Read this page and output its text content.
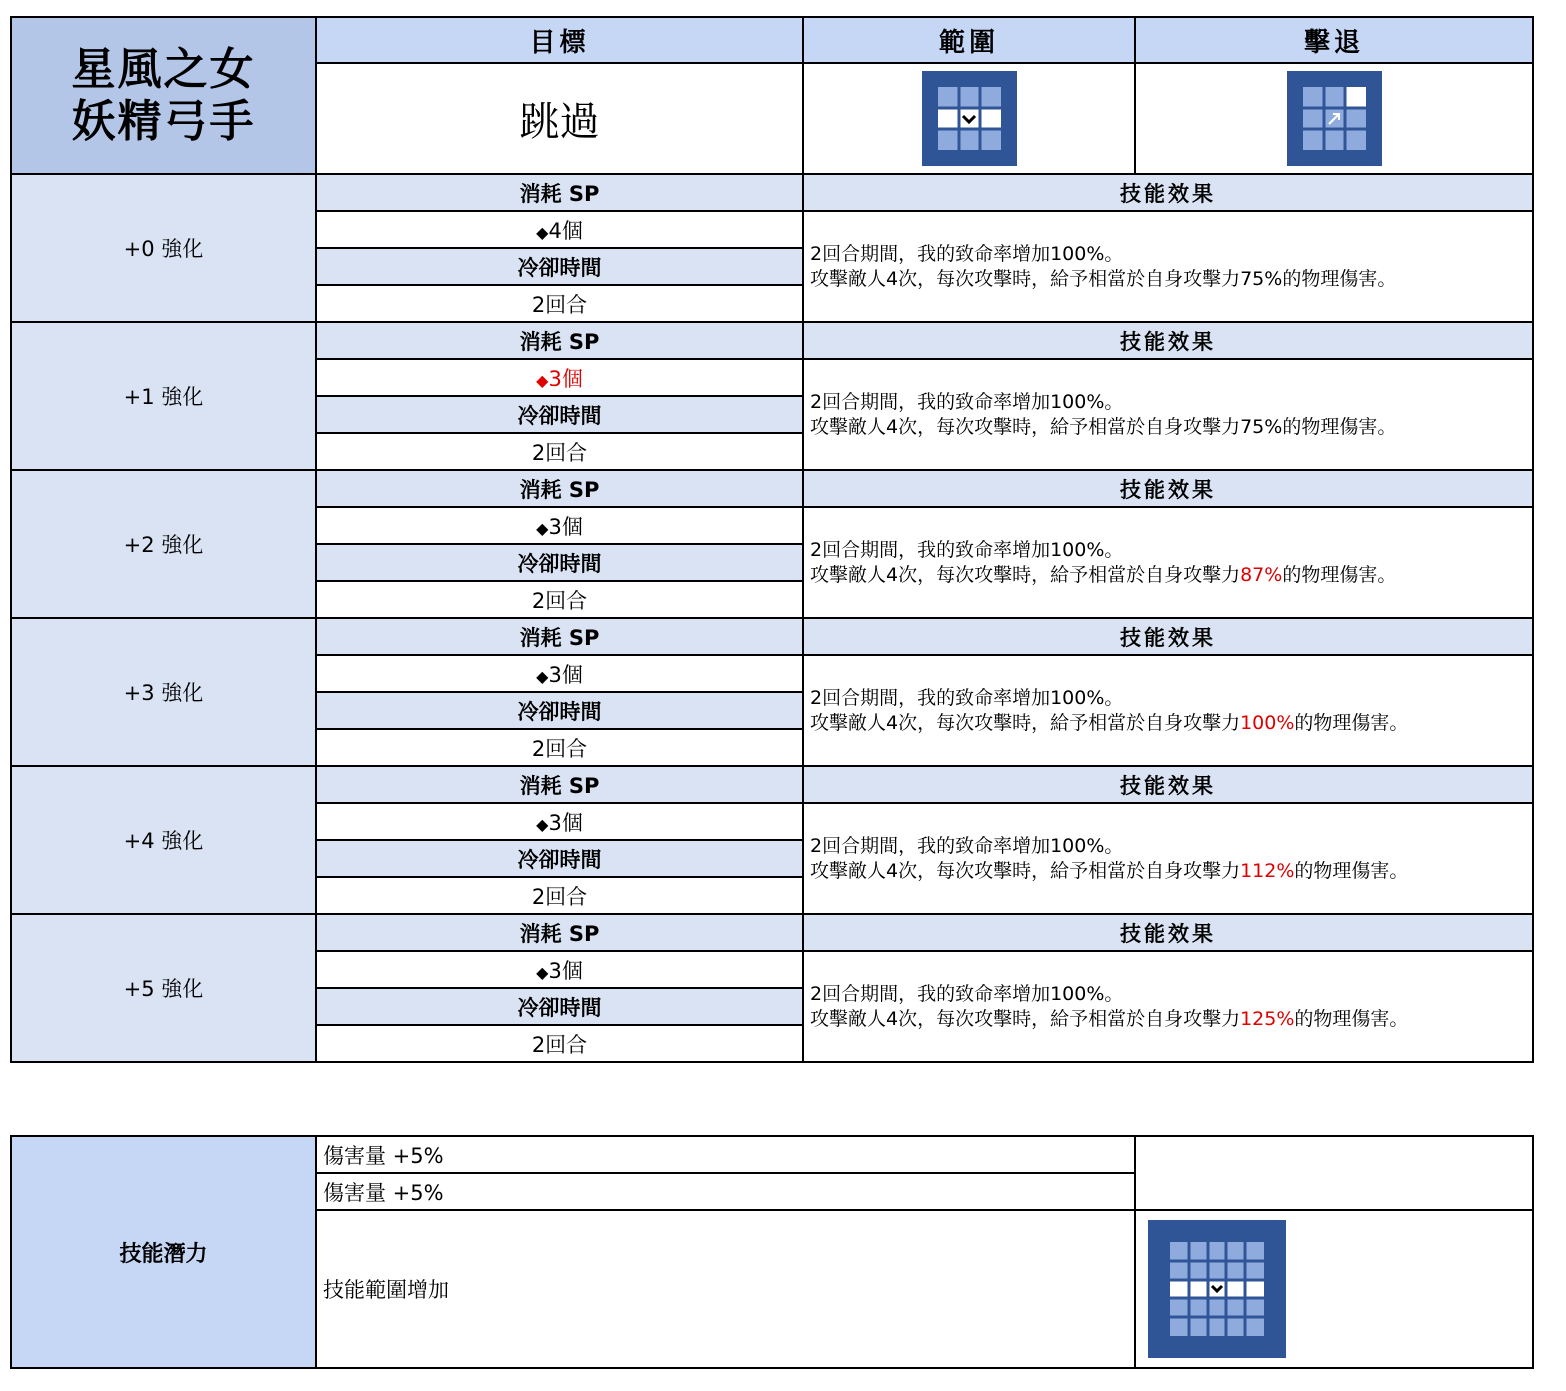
星風之女
妖精弓手	目標	範圍	擊退
	跳過	

+0 強化	消耗 SP	技能效果	
	◆4個	2回合期間，我的致命率增加100%。
攻擊敵人4次，每次攻擊時，給予相當於自身攻擊力75%的物理傷害。	

	冷卻時間		
	2回合		
+1 強化	消耗 SP	技能效果	
	◆3個	2回合期間，我的致命率增加100%。
攻擊敵人4次，每次攻擊時，給予相當於自身攻擊力75%的物理傷害。	

	冷卻時間		
	2回合		
+2 強化	消耗 SP	技能效果	
	◆3個	2回合期間，我的致命率增加100%。
攻擊敵人4次，每次攻擊時，給予相當於自身攻擊力87%的物理傷害。	

	冷卻時間		
	2回合		
+3 強化	消耗 SP	技能效果	
	◆3個	2回合期間，我的致命率增加100%。
攻擊敵人4次，每次攻擊時，給予相當於自身攻擊力100%的物理傷害。	

	冷卻時間		
	2回合		
+4 強化	消耗 SP	技能效果	
	◆3個	2回合期間，我的致命率增加100%。
攻擊敵人4次，每次攻擊時，給予相當於自身攻擊力112%的物理傷害。	

	冷卻時間		
	2回合		
+5 強化	消耗 SP	技能效果	
	◆3個	2回合期間，我的致命率增加100%。
攻擊敵人4次，每次攻擊時，給予相當於自身攻擊力125%的物理傷害。	

	冷卻時間		
	2回合		
技能潛力	傷害量 +5%	
	傷害量 +5%	
	技能範圍增加	
